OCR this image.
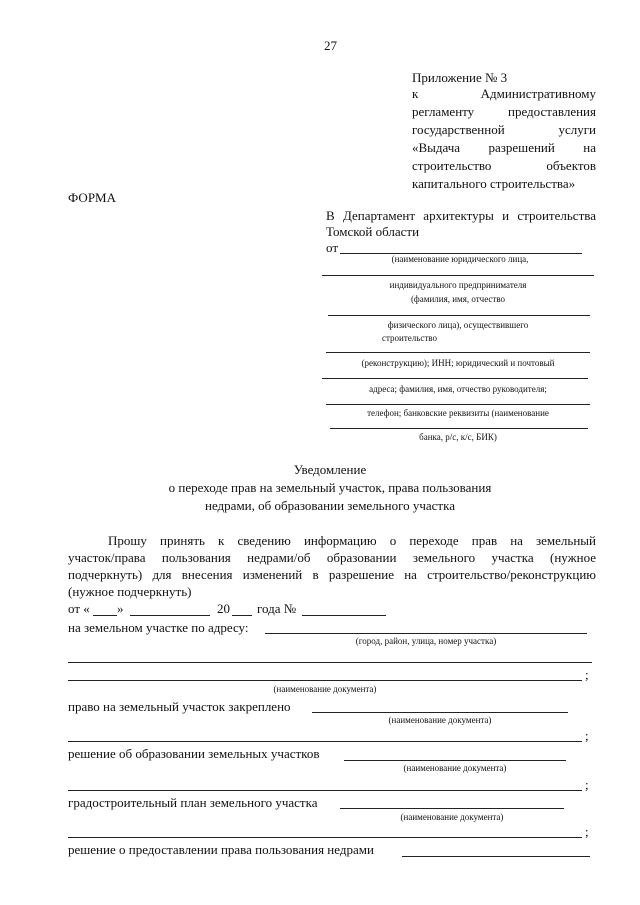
27
Приложение № 3
к Административному
регламенту предоставления
государственной услуги
«Выдача разрешений на
строительство объектов
капитального строительства»
ФОРМА
В Департамент архитектуры и строительства
Томской области
от
(наименование юридического лица,
индивидуального предпринимателя
(фамилия, имя, отчество
физического лица), осуществившего
строительство
(реконструкцию); ИНН; юридический и почтовый
адреса; фамилия, имя, отчество руководителя;
телефон; банковские реквизиты (наименование
банка, р/с, к/с, БИК)
Уведомление
о переходе прав на земельный участок, права пользования
недрами, об образовании земельного участка
Прошу принять к сведению информацию о переходе прав на земельный
участок/права пользования недрами/об образовании земельного участка (нужное
подчеркнуть) для внесения изменений в разрешение на строительство/реконструкцию
(нужное подчеркнуть)
от « »	20 года №
на земельном участке по адресу:
(город, район, улица, номер участка)
;
(наименование документа)
право на земельный участок закреплено
(наименование документа)
;
решение об образовании земельных участков
(наименование документа)
;
градостроительный план земельного участка
(наименование документа)
;
решение о предоставлении права пользования недрами
